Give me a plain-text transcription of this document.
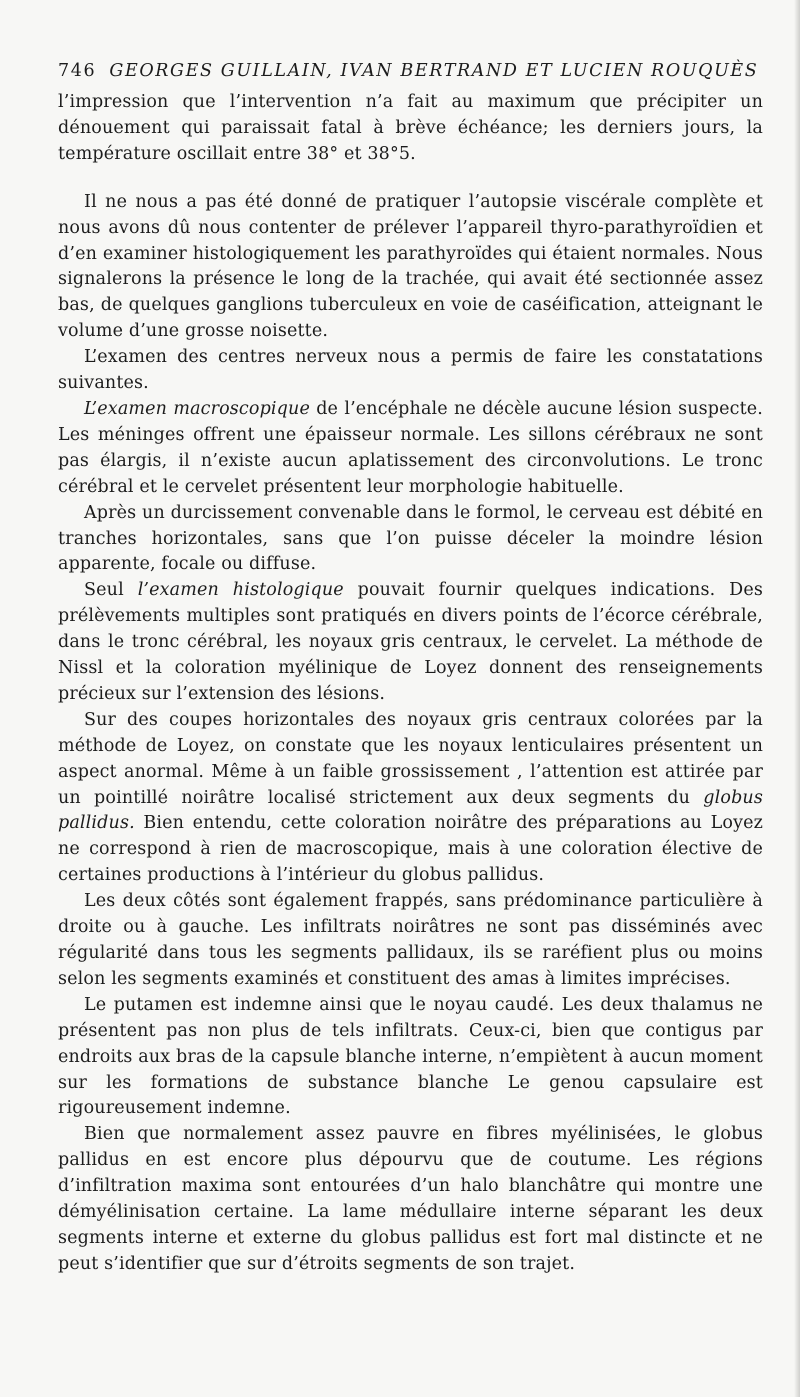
746 GEORGES GUILLAIN, IVAN BERTRAND ET LUCIEN ROUQUÈS

l’impression que l’intervention n’a fait au maximum que précipiter un dénouement qui paraissait fatal à brève échéance; les derniers jours, la température oscillait entre 38° et 38°5.

Il ne nous a pas été donné de pratiquer l’autopsie viscérale complète et nous avons dû nous contenter de prélever l’appareil thyro-parathyroïdien et d’en examiner histologiquement les parathyroïdes qui étaient normales. Nous signalerons la présence le long de la trachée, qui avait été sectionnée assez bas, de quelques ganglions tuberculeux en voie de caséification, atteignant le volume d’une grosse noisette.

L’examen des centres nerveux nous a permis de faire les constatations suivantes.

L’examen macroscopique de l’encéphale ne décèle aucune lésion suspecte. Les méninges offrent une épaisseur normale. Les sillons cérébraux ne sont pas élargis, il n’existe aucun aplatissement des circonvolutions. Le tronc cérébral et le cervelet présentent leur morphologie habituelle.

Après un durcissement convenable dans le formol, le cerveau est débité en tranches horizontales, sans que l’on puisse déceler la moindre lésion apparente, focale ou diffuse.

Seul l’examen histologique pouvait fournir quelques indications. Des prélèvements multiples sont pratiqués en divers points de l’écorce cérébrale, dans le tronc cérébral, les noyaux gris centraux, le cervelet. La méthode de Nissl et la coloration myélinique de Loyez donnent des renseignements précieux sur l’extension des lésions.

Sur des coupes horizontales des noyaux gris centraux colorées par la méthode de Loyez, on constate que les noyaux lenticulaires présentent un aspect anormal. Même à un faible grossissement , l’attention est attirée par un pointillé noirâtre localisé strictement aux deux segments du globus pallidus. Bien entendu, cette coloration noirâtre des préparations au Loyez ne correspond à rien de macroscopique, mais à une coloration élective de certaines productions à l’intérieur du globus pallidus.

Les deux côtés sont également frappés, sans prédominance particulière à droite ou à gauche. Les infiltrats noirâtres ne sont pas disséminés avec régularité dans tous les segments pallidaux, ils se raréfient plus ou moins selon les segments examinés et constituent des amas à limites imprécises.

Le putamen est indemne ainsi que le noyau caudé. Les deux thalamus ne présentent pas non plus de tels infiltrats. Ceux-ci, bien que contigus par endroits aux bras de la capsule blanche interne, n’empiètent à aucun moment sur les formations de substance blanche Le genou capsulaire est rigoureusement indemne.

Bien que normalement assez pauvre en fibres myélinisées, le globus pallidus en est encore plus dépourvu que de coutume. Les régions d’infiltration maxima sont entourées d’un halo blanchâtre qui montre une démyélinisation certaine. La lame médullaire interne séparant les deux segments interne et externe du globus pallidus est fort mal distincte et ne peut s’identifier que sur d’étroits segments de son trajet.
